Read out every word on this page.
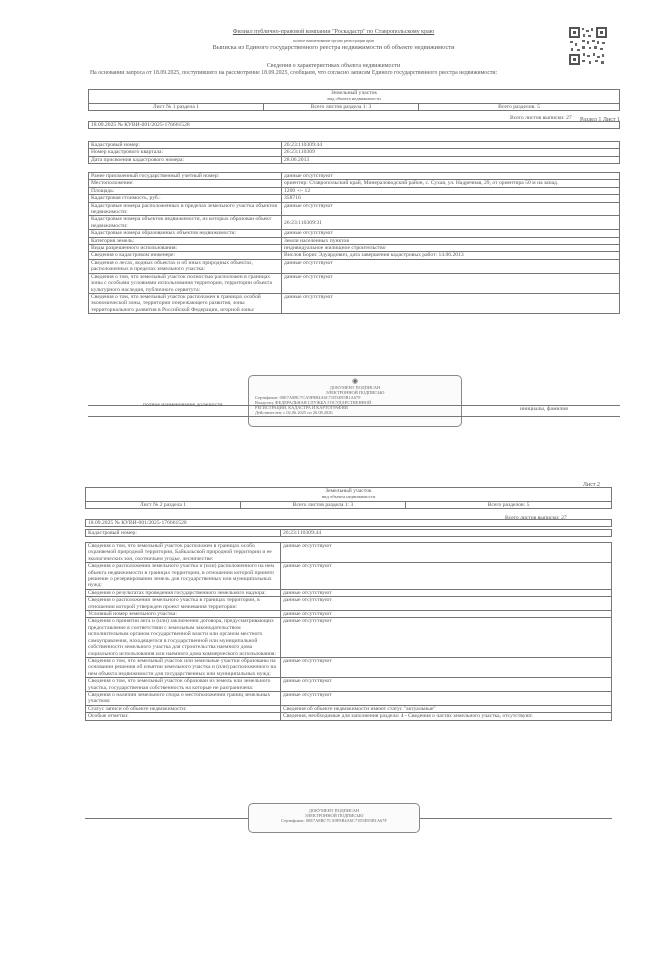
Филиал публично-правовой компании "Роскадастр" по Ставропольскому краю
полное наименование органа регистрации прав
Выписка из Единого государственного реестра недвижимости об объекте недвижимости
Сведения о характеристиках объекта недвижимости
На основании запроса от 18.09.2025, поступившего на рассмотрение 18.09.2025, сообщаем, что согласно записям Единого государственного реестра недвижимости:
Раздел 1 Лист 1
Земельный участок
вид объекта недвижимости
Лист № 1 раздела 1	Всего листов раздела 1: 3	Всего разделов: 5
Всего листов выписки: 27
18.09.2025 № КУВИ-001/2025-176661528
Кадастровый номер:	26:23:110309:44
Номер кадастрового квартала:	26:23:110309
Дата присвоения кадастрового номера:	28.06.2013
Ранее присвоенный государственный учетный номер:	данные отсутствуют
Местоположение:	ориентир: Ставропольский край, Минераловодский район, с. Сухая, ул. Надречная, 29, от ориентира 50 м на запад.
Площадь:	1200 +/- 12
Кадастровая стоимость, руб.:	358716
Кадастровые номера расположенных в пределах земельного участка объектов недвижимости:	данные отсутствуют
Кадастровые номера объектов недвижимости, из которых образован объект недвижимости:	26:23:110309:31
Кадастровые номера образованных объектов недвижимости:	данные отсутствуют
Категория земель:	Земли населенных пунктов
Виды разрешенного использования:	индивидуальное жилищное строительство
Сведения о кадастровом инженере:	Вислов Борис Эдуардович, дата завершения кадастровых работ: 14.06.2013
Сведения о лесах, водных объектах и об иных природных объектах, расположенных в пределах земельного участка:	данные отсутствуют
Сведения о том, что земельный участок полностью расположен в границах зоны с особыми условиями использования территории, территории объекта культурного наследия, публичного сервитута:	данные отсутствуют
Сведения о том, что земельный участок расположен в границах особой экономической зоны, территории опережающего развития, зоны территориального развития в Российской Федерации, игорной зоны:	данные отсутствуют
◉
ДОКУМЕНТ ПОДПИСАН
ЭЛЕКТРОННОЙ ПОДПИСЬЮ
Сертификат: 00E7A8BC7CA9F8B4A6C71D3E95B1A67F
Владелец: ФЕДЕРАЛЬНАЯ СЛУЖБА ГОСУДАРСТВЕННОЙ
РЕГИСТРАЦИИ, КАДАСТРА И КАРТОГРАФИИ
Действителен: с 02.06.2025 по 26.08.2026
полное наименование должности
инициалы, фамилия
Лист 2
Земельный участок
вид объекта недвижимости
Лист № 2 раздела 1	Всего листов раздела 1: 3	Всего разделов: 5
Всего листов выписки: 27
18.09.2025 № КУВИ-001/2025-176661528
Кадастровый номер:	26:23:110309:44
Сведения о том, что земельный участок расположен в границах особо охраняемой природной территории, Байкальской природной территории и ее экологических зон, охотничьем угодье, лесничестве:	данные отсутствуют
Сведения о расположении земельного участка и (или) расположенного на нем объекта недвижимости в границах территории, в отношении которой принято решение о резервировании земель для государственных или муниципальных нужд:	данные отсутствуют
Сведения о результатах проведения государственного земельного надзора:	данные отсутствуют
Сведения о расположении земельного участка в границах территории, в отношении которой утвержден проект межевания территории:	данные отсутствуют
Условный номер земельного участка:	данные отсутствуют
Сведения о принятии акта и (или) заключении договора, предусматривающих предоставление в соответствии с земельным законодательством исполнительным органом государственной власти или органом местного самоуправления, находящегося в государственной или муниципальной собственности земельного участка для строительства наемного дома социального использования или наемного дома коммерческого использования:	данные отсутствуют
Сведения о том, что земельный участок или земельные участки образованы на основании решения об изъятии земельного участка и (или) расположенного на нем объекта недвижимости для государственных или муниципальных нужд:	данные отсутствуют
Сведения о том, что земельный участок образован из земель или земельного участка, государственная собственность на которые не разграничена:	данные отсутствуют
Сведения о наличии земельного спора о местоположении границ земельных участков:	данные отсутствуют
Статус записи об объекте недвижимости:	Сведения об объекте недвижимости имеют статус "актуальные"
Особые отметки:	Сведения, необходимые для заполнения раздела: 4 - Сведения о частях земельного участка, отсутствуют.
ДОКУМЕНТ ПОДПИСАН
ЭЛЕКТРОННОЙ ПОДПИСЬЮ
Сертификат: 00E7A8BC7CA9F8B4A6C71D3E95B1A67F
